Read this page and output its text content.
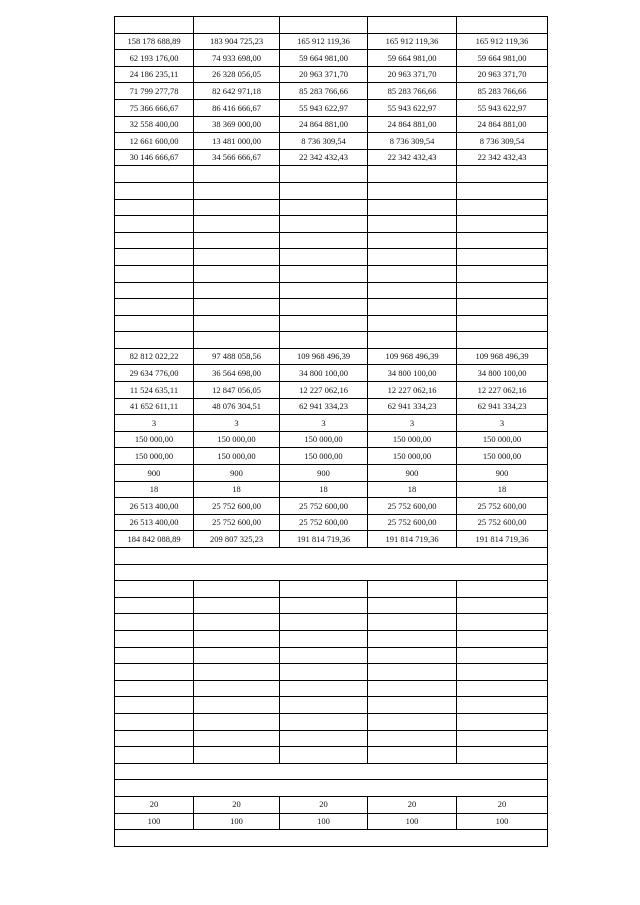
158 178 688,89	183 904 725,23	165 912 119,36	165 912 119,36	165 912 119,36
62 193 176,00	74 933 698,00	59 664 981,00	59 664 981,00	59 664 981,00
24 186 235,11	26 328 056,05	20 963 371,70	20 963 371,70	20 963 371,70
71 799 277,78	82 642 971,18	85 283 766,66	85 283 766,66	85 283 766,66
75 366 666,67	86 416 666,67	55 943 622,97	55 943 622,97	55 943 622,97
32 558 400,00	38 369 000,00	24 864 881,00	24 864 881,00	24 864 881,00
12 661 600,00	13 481 000,00	8 736 309,54	8 736 309,54	8 736 309,54
30 146 666,67	34 566 666,67	22 342 432,43	22 342 432,43	22 342 432,43

82 812 022,22	97 488 058,56	109 968 496,39	109 968 496,39	109 968 496,39
29 634 776,00	36 564 698,00	34 800 100,00	34 800 100,00	34 800 100,00
11 524 635,11	12 847 056,05	12 227 062,16	12 227 062,16	12 227 062,16
41 652 611,11	48 076 304,51	62 941 334,23	62 941 334,23	62 941 334,23
3	3	3	3	3
150 000,00	150 000,00	150 000,00	150 000,00	150 000,00
150 000,00	150 000,00	150 000,00	150 000,00	150 000,00
900	900	900	900	900
18	18	18	18	18
26 513 400,00	25 752 600,00	25 752 600,00	25 752 600,00	25 752 600,00
26 513 400,00	25 752 600,00	25 752 600,00	25 752 600,00	25 752 600,00
184 842 088,89	209 807 325,23	191 814 719,36	191 814 719,36	191 814 719,36

20	20	20	20	20
100	100	100	100	100
